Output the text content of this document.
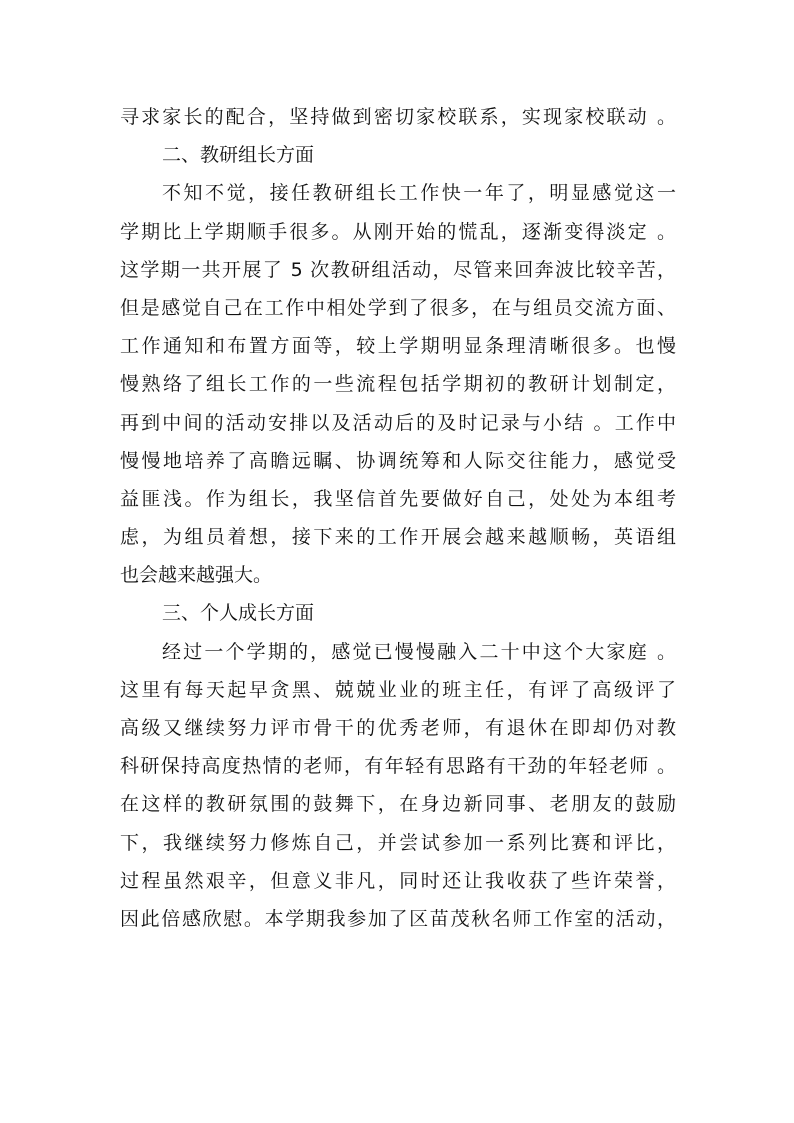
寻求家长的配合，坚持做到密切家校联系，实现家校联动 。
二、教研组长方面
不知不觉，接任教研组长工作快一年了，明显感觉这一
学期比上学期顺手很多。从刚开始的慌乱，逐渐变得淡定 。
这学期一共开展了 5 次教研组活动，尽管来回奔波比较辛苦，
但是感觉自己在工作中相处学到了很多，在与组员交流方面、
工作通知和布置方面等，较上学期明显条理清晰很多。也慢
慢熟络了组长工作的一些流程包括学期初的教研计划制定，
再到中间的活动安排以及活动后的及时记录与小结 。工作中
慢慢地培养了高瞻远瞩、协调统筹和人际交往能力，感觉受
益匪浅。作为组长，我坚信首先要做好自己，处处为本组考
虑，为组员着想，接下来的工作开展会越来越顺畅，英语组
也会越来越强大。
三、个人成长方面
经过一个学期的，感觉已慢慢融入二十中这个大家庭 。
这里有每天起早贪黑、兢兢业业的班主任，有评了高级评了
高级又继续努力评市骨干的优秀老师，有退休在即却仍对教
科研保持高度热情的老师，有年轻有思路有干劲的年轻老师 。
在这样的教研氛围的鼓舞下，在身边新同事、老朋友的鼓励
下，我继续努力修炼自己，并尝试参加一系列比赛和评比，
过程虽然艰辛，但意义非凡，同时还让我收获了些许荣誉，
因此倍感欣慰。本学期我参加了区苗茂秋名师工作室的活动，
